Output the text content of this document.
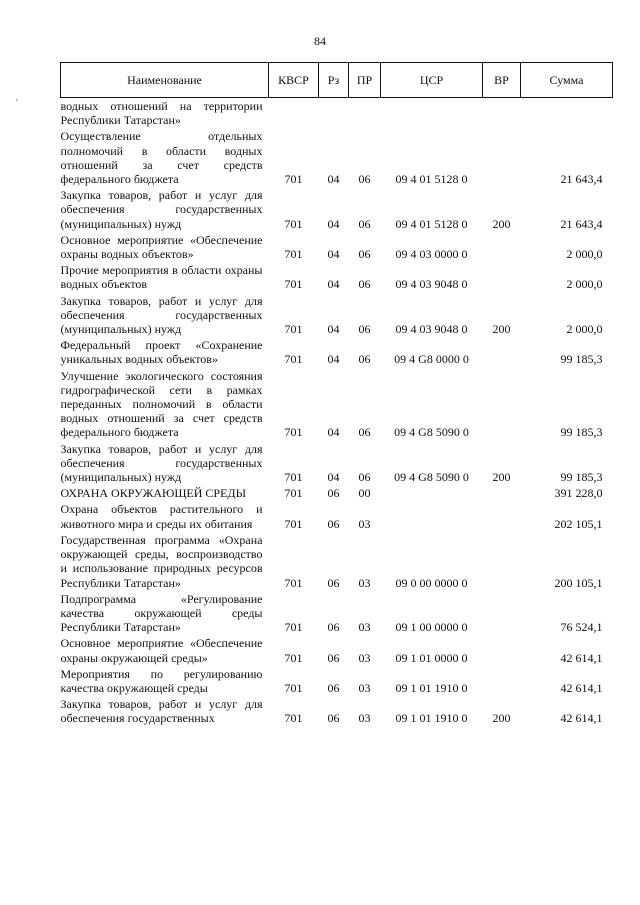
84
Наименование	КВСР	Рз	ПР	ЦСР	ВР	Сумма
водных отношений на территории Республики Татарстан»						
Осуществление отдельных полномочий в области водных отношений за счет средств федерального бюджета	701	04	06	09 4 01 5128 0		21 643,4
Закупка товаров, работ и услуг для обеспечения государственных (муниципальных) нужд	701	04	06	09 4 01 5128 0	200	21 643,4
Основное мероприятие «Обеспечение охраны водных объектов»	701	04	06	09 4 03 0000 0		2 000,0
Прочие мероприятия в области охраны водных объектов	701	04	06	09 4 03 9048 0		2 000,0
Закупка товаров, работ и услуг для обеспечения государственных (муниципальных) нужд	701	04	06	09 4 03 9048 0	200	2 000,0
Федеральный проект «Сохранение уникальных водных объектов»	701	04	06	09 4 G8 0000 0		99 185,3
Улучшение экологического состояния гидрографической сети в рамках переданных полномочий в области водных отношений за счет средств федерального бюджета	701	04	06	09 4 G8 5090 0		99 185,3
Закупка товаров, работ и услуг для обеспечения государственных (муниципальных) нужд	701	04	06	09 4 G8 5090 0	200	99 185,3
ОХРАНА ОКРУЖАЮЩЕЙ СРЕДЫ	701	06	00			391 228,0
Охрана объектов растительного и животного мира и среды их обитания	701	06	03			202 105,1
Государственная программа «Охрана окружающей среды, воспроизводство и использование природных ресурсов Республики Татарстан»	701	06	03	09 0 00 0000 0		200 105,1
Подпрограмма «Регулирование качества окружающей среды Республики Татарстан»	701	06	03	09 1 00 0000 0		76 524,1
Основное мероприятие «Обеспечение охраны окружающей среды»	701	06	03	09 1 01 0000 0		42 614,1
Мероприятия по регулированию качества окружающей среды	701	06	03	09 1 01 1910 0		42 614,1
Закупка товаров, работ и услуг для обеспечения государственных	701	06	03	09 1 01 1910 0	200	42 614,1
'
